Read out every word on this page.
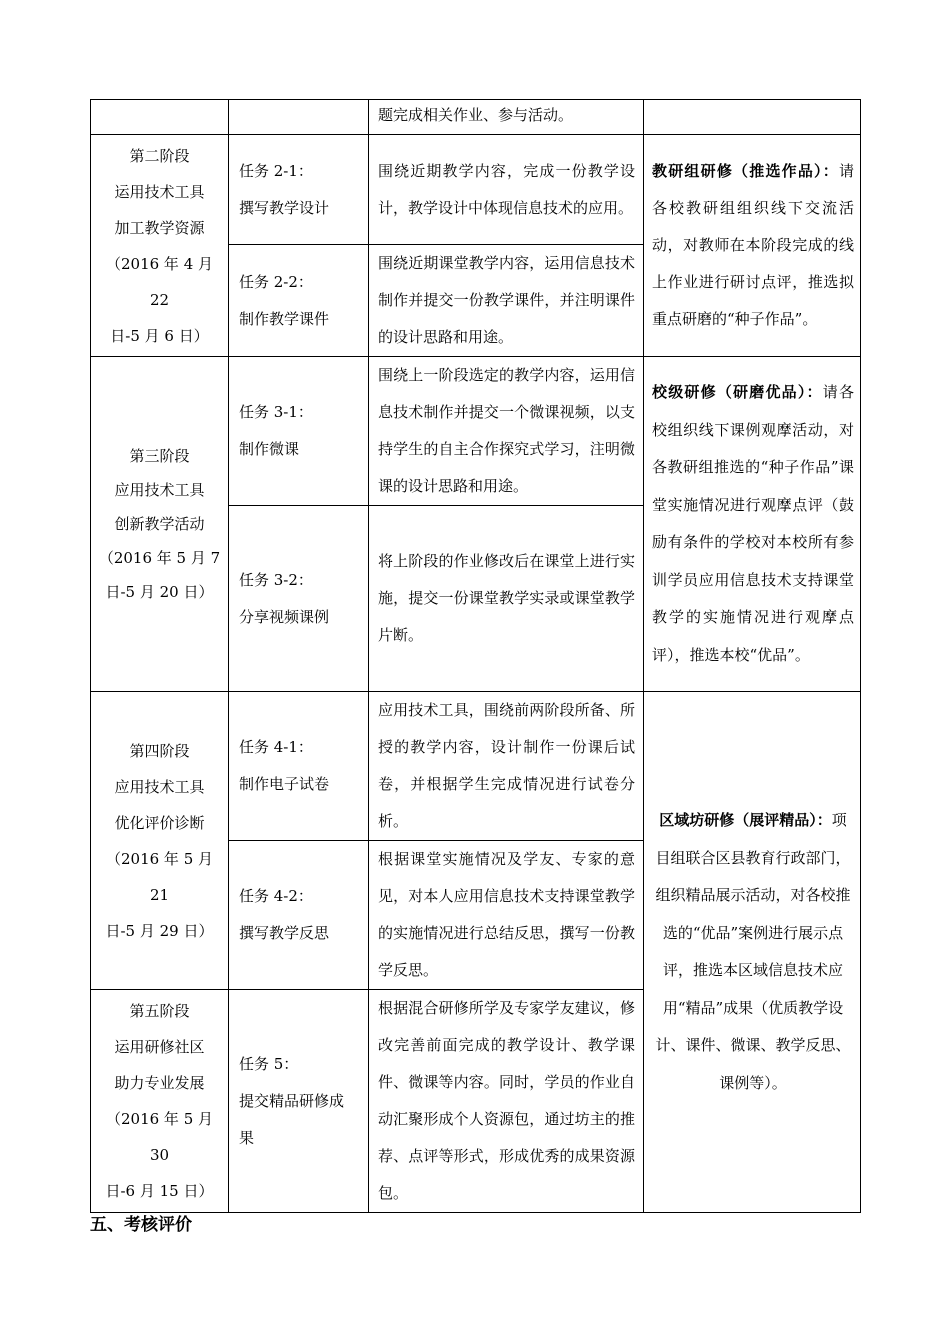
		题完成相关作业、参与活动。	

第二阶段
运用技术工具
加工教学资源
（2016 年 4 月 22
日-5 月 6 日）	任务 2-1：
撰写教学设计	围绕近期教学内容，完成一份教学设计，教学设计中体现信息技术的应用。	教研组研修（推选作品）：请各校教研组组织线下交流活动，对教师在本阶段完成的线上作业进行研讨点评，推选拟重点研磨的“种子作品”。

	任务 2-2：
制作教学课件	围绕近期课堂教学内容，运用信息技术制作并提交一份教学课件，并注明课件的设计思路和用途。	

第三阶段
应用技术工具
创新教学活动
（2016 年 5 月 7
日-5 月 20 日）	任务 3-1：
制作微课	围绕上一阶段选定的教学内容，运用信息技术制作并提交一个微课视频，以支持学生的自主合作探究式学习，注明微课的设计思路和用途。	校级研修（研磨优品）：请各校组织线下课例观摩活动，对各教研组推选的“种子作品”课堂实施情况进行观摩点评（鼓励有条件的学校对本校所有参训学员应用信息技术支持课堂教学的实施情况进行观摩点评），推选本校“优品”。

	任务 3-2：
分享视频课例	将上阶段的作业修改后在课堂上进行实施，提交一份课堂教学实录或课堂教学片断。	

第四阶段
应用技术工具
优化评价诊断
（2016 年 5 月 21
日-5 月 29 日）	任务 4-1：
制作电子试卷	应用技术工具，围绕前两阶段所备、所授的教学内容，设计制作一份课后试卷，并根据学生完成情况进行试卷分析。	区域坊研修（展评精品）：项目组联合区县教育行政部门，组织精品展示活动，对各校推选的“优品”案例进行展示点评，推选本区域信息技术应用“精品”成果（优质教学设计、课件、微课、教学反思、课例等）。

	任务 4-2：
撰写教学反思	根据课堂实施情况及学友、专家的意见，对本人应用信息技术支持课堂教学的实施情况进行总结反思，撰写一份教学反思。	

第五阶段
运用研修社区
助力专业发展
（2016 年 5 月 30
日-6 月 15 日）	任务 5：
提交精品研修成
果	根据混合研修所学及专家学友建议，修改完善前面完成的教学设计、教学课件、微课等内容。同时，学员的作业自动汇聚形成个人资源包，通过坊主的推荐、点评等形式，形成优秀的成果资源包。	
五、考核评价
